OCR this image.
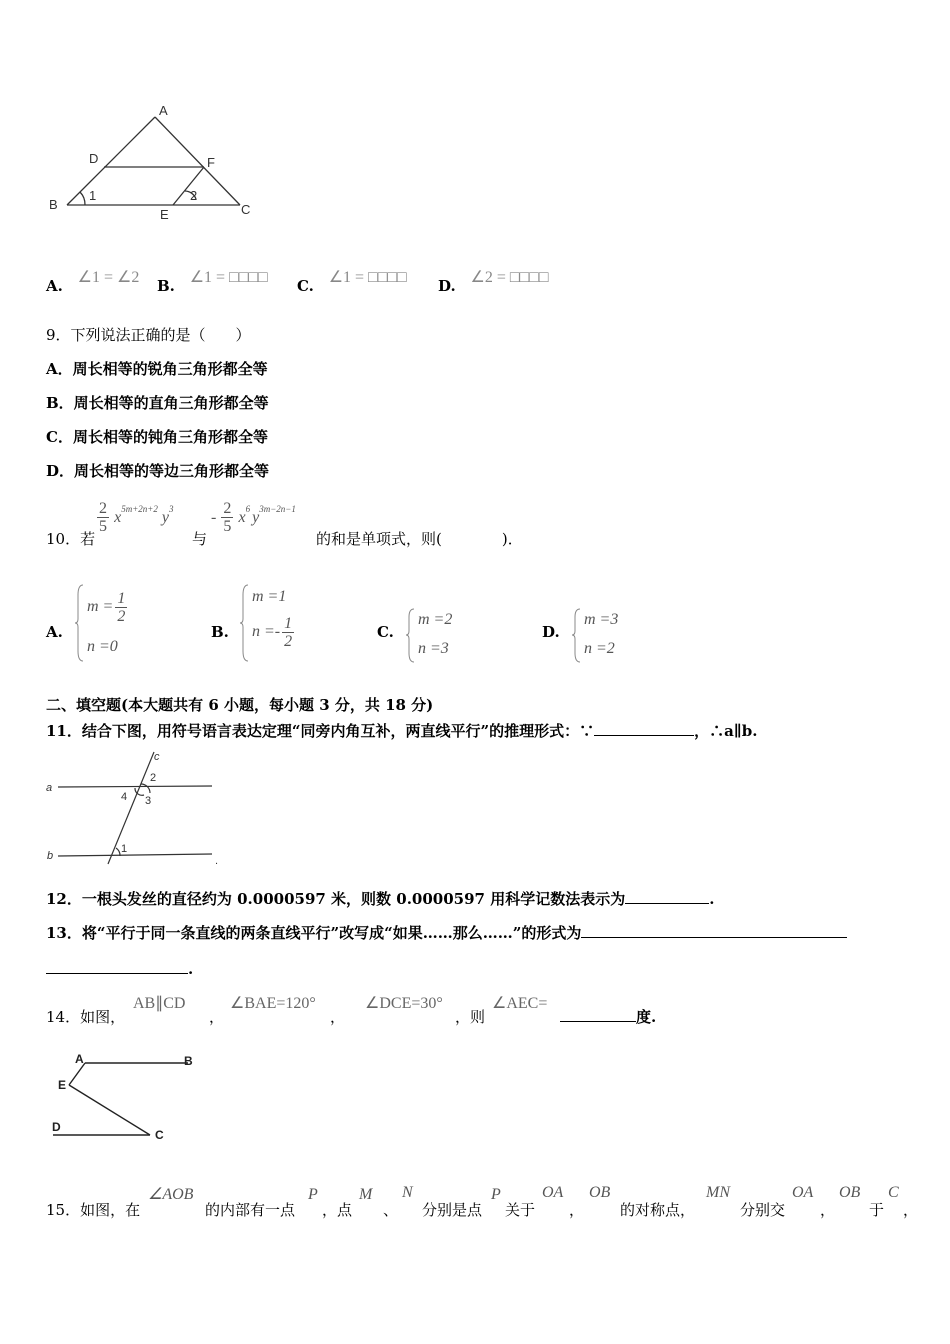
A
D	F
B
E	C
1	2
A. ∠1 = ∠2 B. ∠1 = □□□□ C. ∠1 = □□□□ D. ∠2 = □□□□
9．下列说法正确的是（　　）
A．周长相等的锐角三角形都全等
B．周长相等的直角三角形都全等
C．周长相等的钝角三角形都全等
D．周长相等的等边三角形都全等
10．若
$\frac{2}{5} x^{5m+2n+2}y^3$
与
- $\frac{2}{5} x^6y^{3m-2n-1}$
的和是单项式，则(　　　　)．
A.
$m = \frac{1}{2}$
n =0
B.
m =1
$n =- \frac{1}{2}$	C.
m =2
n =3
D.
m =3
n =2
二、填空题(本大题共有 6 小题，每小题 3 分，共 18 分)
11．结合下图，用符号语言表达定理“同旁内角互补，两直线平行”的推理形式：∵	，∴a∥b.
a
b
c
2
4 3
1
.
12．一根头发丝的直径约为 0.0000597 米，则数 0.0000597 用科学记数法表示为	.
13．将“平行于同一条直线的两条直线平行”改写成“如果……那么……”的形式为
.
14．如图，
AB∥CD
，
∠BAE=120°
，
∠DCE=30°
，则
∠AEC=
度.
A	B
E
D
C
15．如图，在
∠AOB
的内部有一点
P
，点
M
、
N
分别是点
P
关于
OA
，
OB
的对称点，
MN
分别交
OA
，
OB
于
C
，
